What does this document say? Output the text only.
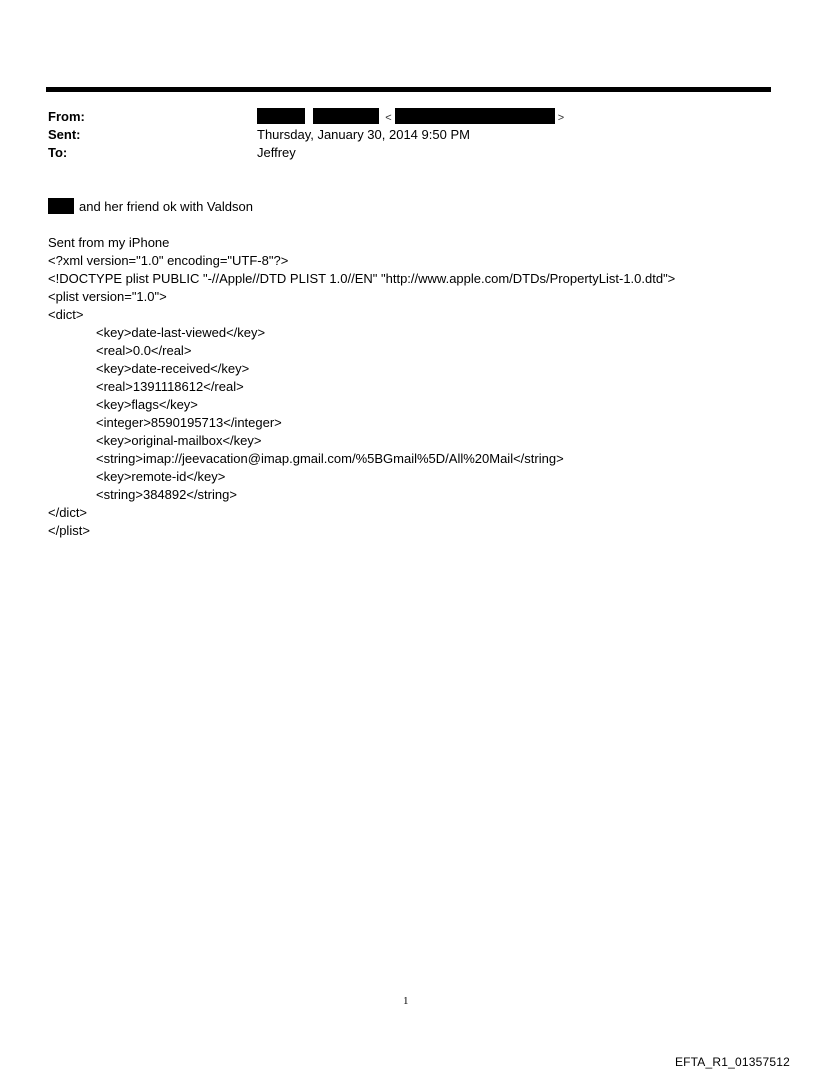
From:	<	>
Sent:	Thursday, January 30, 2014 9:50 PM
To:	Jeffrey
and her friend ok with Valdson
Sent from my iPhone
<?xml version="1.0" encoding="UTF-8"?>
<!DOCTYPE plist PUBLIC "-//Apple//DTD PLIST 1.0//EN" "http://www.apple.com/DTDs/PropertyList-1.0.dtd">
<plist version="1.0">
<dict>
<key>date-last-viewed</key>
<real>0.0</real>
<key>date-received</key>
<real>1391118612</real>
<key>flags</key>
<integer>8590195713</integer>
<key>original-mailbox</key>
<string>imap://jeevacation@imap.gmail.com/%5BGmail%5D/All%20Mail</string>
<key>remote-id</key>
<string>384892</string>
</dict>
</plist>
1
EFTA_R1_01357512
